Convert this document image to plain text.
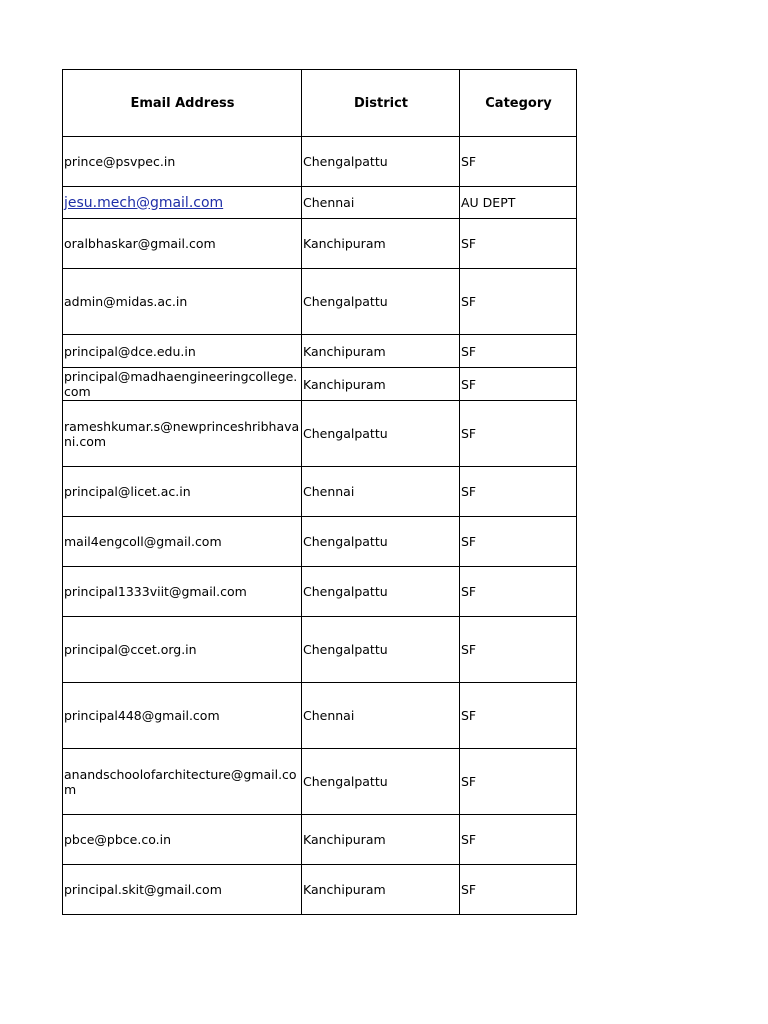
Email Address	District	Category
prince@psvpec.in	Chengalpattu	SF
jesu.mech@gmail.com	Chennai	AU DEPT
oralbhaskar@gmail.com	Kanchipuram	SF
admin@midas.ac.in	Chengalpattu	SF
principal@dce.edu.in	Kanchipuram	SF
principal@madhaengineeringcollege.com	Kanchipuram	SF
rameshkumar.s@newprinceshribhavani.com	Chengalpattu	SF
principal@licet.ac.in	Chennai	SF
mail4engcoll@gmail.com	Chengalpattu	SF
principal1333viit@gmail.com	Chengalpattu	SF
principal@ccet.org.in	Chengalpattu	SF
principal448@gmail.com	Chennai	SF
anandschoolofarchitecture@gmail.com	Chengalpattu	SF
pbce@pbce.co.in	Kanchipuram	SF
principal.skit@gmail.com	Kanchipuram	SF
